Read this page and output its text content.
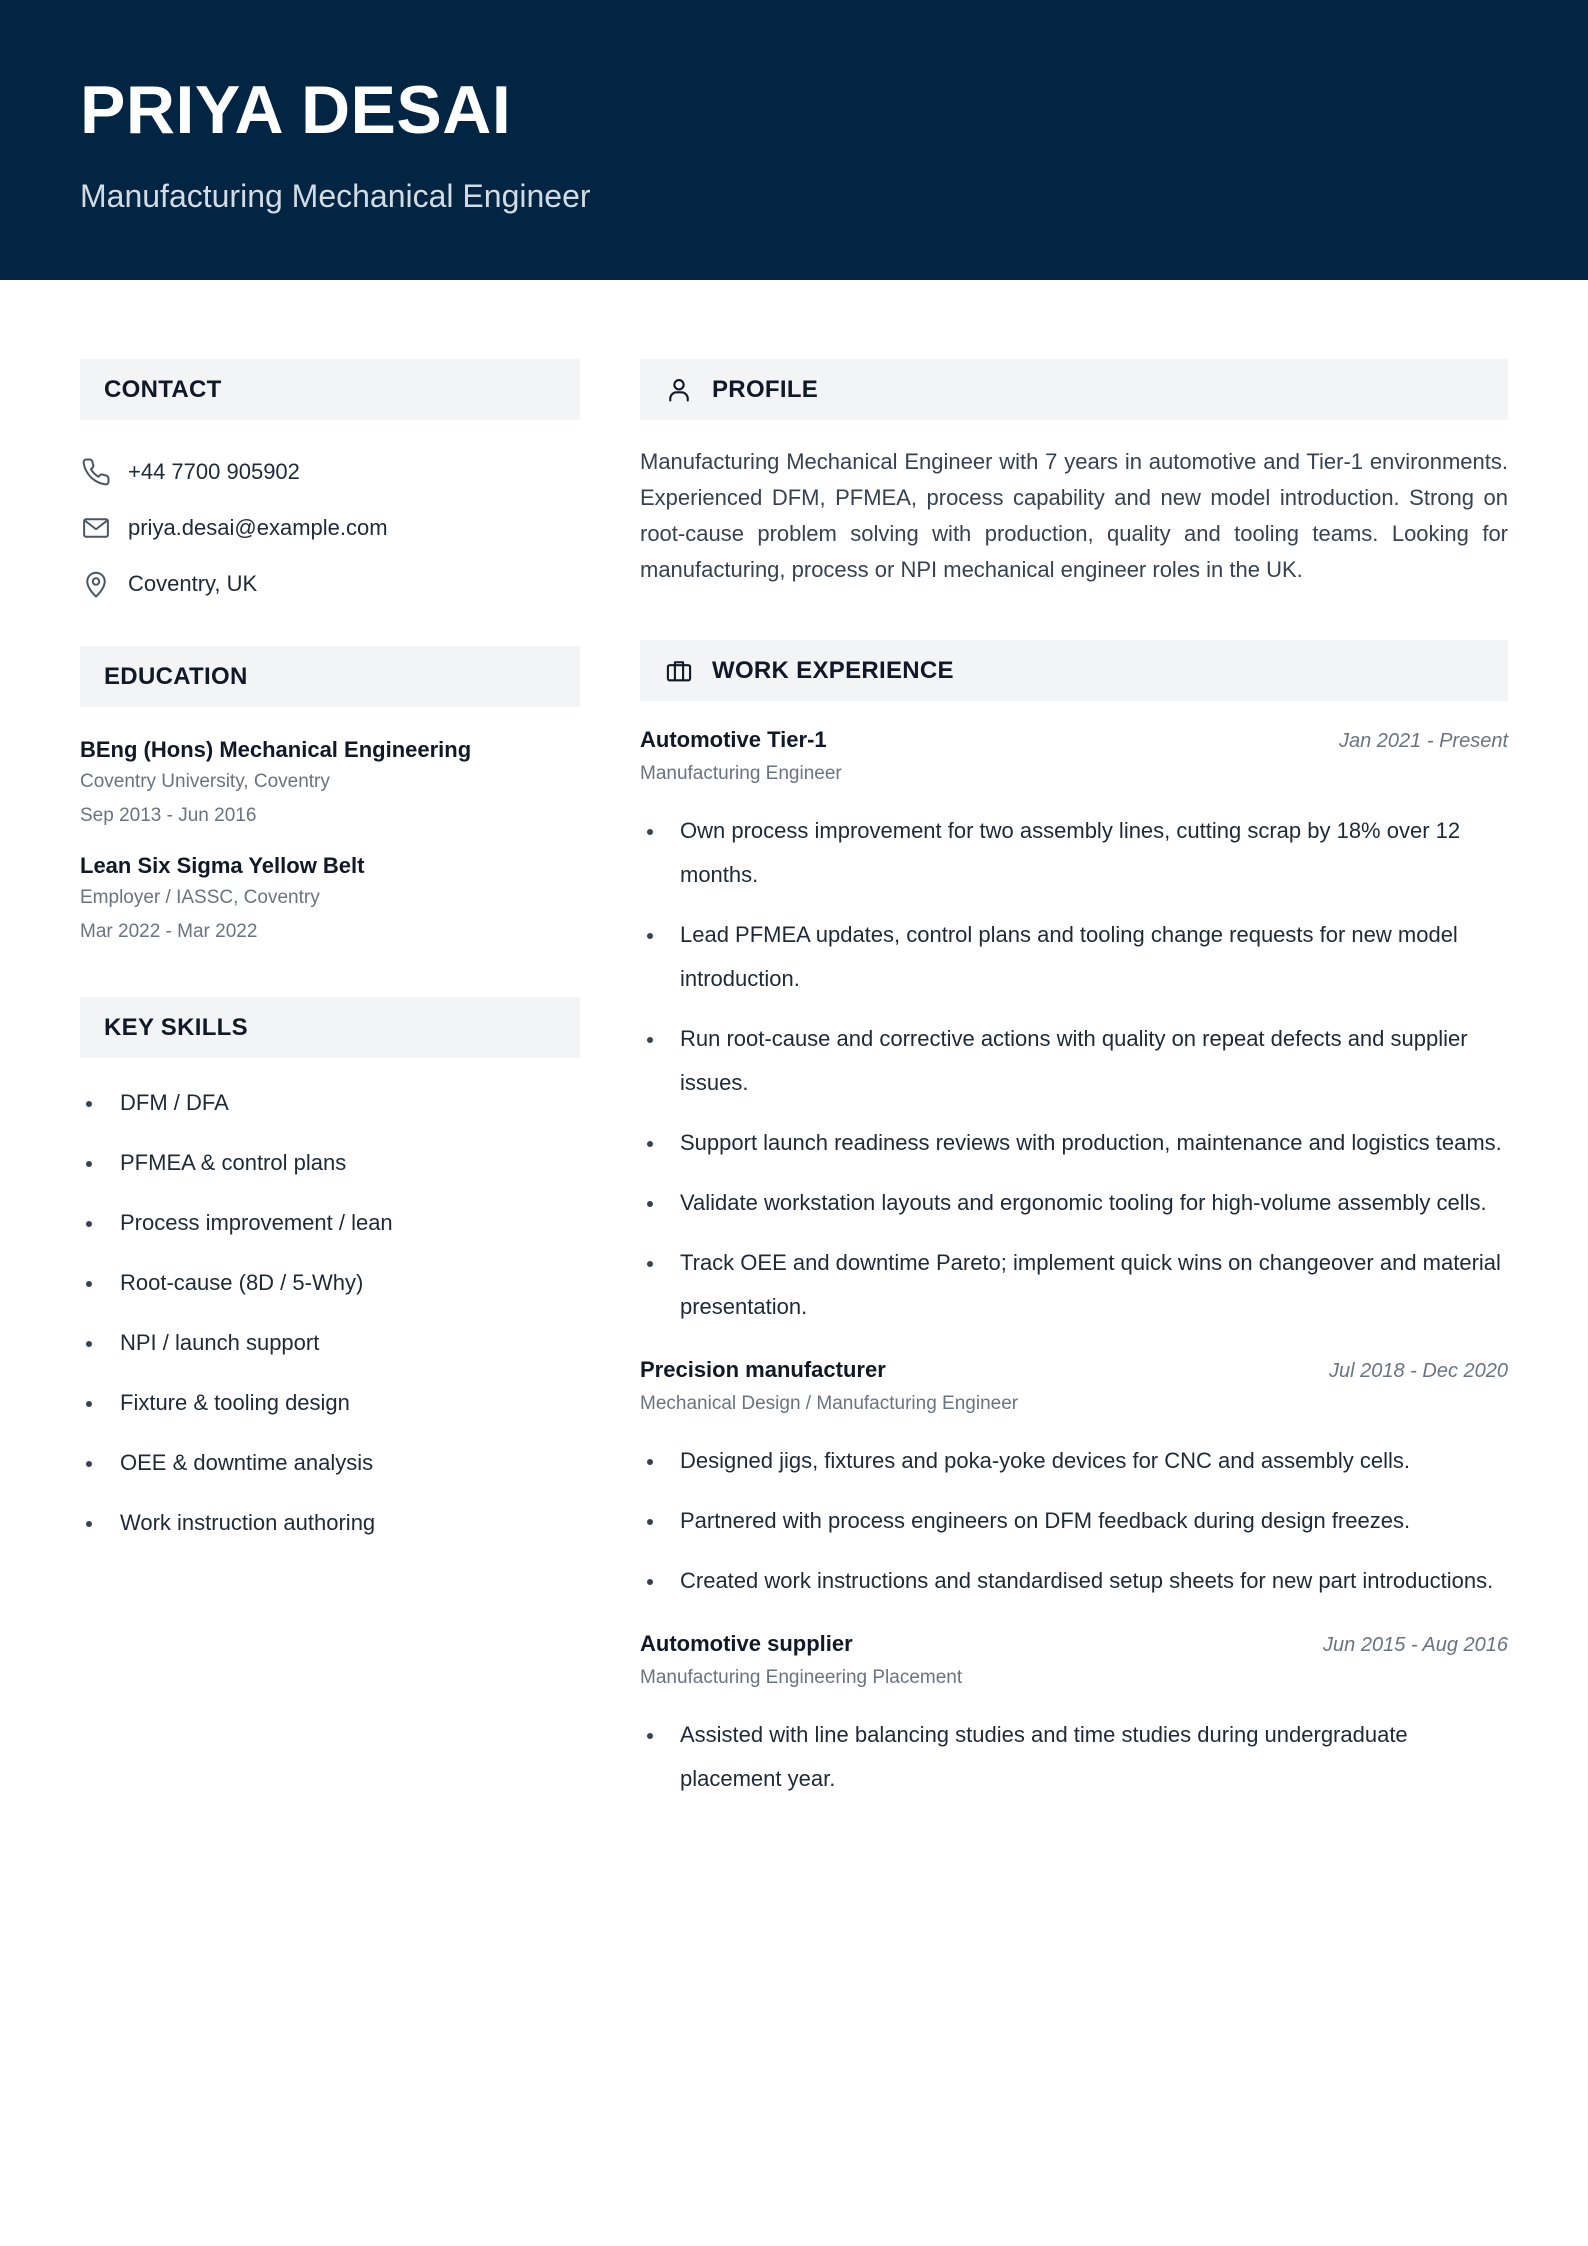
PRIYA DESAI
Manufacturing Mechanical Engineer
CONTACT
+44 7700 905902
priya.desai@example.com
Coventry, UK
EDUCATION
BEng (Hons) Mechanical Engineering
Coventry University, Coventry
Sep 2013 - Jun 2016
Lean Six Sigma Yellow Belt
Employer / IASSC, Coventry
Mar 2022 - Mar 2022
KEY SKILLS
DFM / DFA
PFMEA & control plans
Process improvement / lean
Root-cause (8D / 5-Why)
NPI / launch support
Fixture & tooling design
OEE & downtime analysis
Work instruction authoring
PROFILE

Manufacturing Mechanical Engineer with 7 years in automotive and Tier-1 environments. Experienced DFM, PFMEA, process capability and new model introduction. Strong on root-cause problem solving with production, quality and tooling teams. Looking for manufacturing, process or NPI mechanical engineer roles in the UK.

WORK EXPERIENCE
Automotive Tier-1	Jan 2021 - Present
Manufacturing Engineer
Own process improvement for two assembly lines, cutting scrap by 18% over 12 months.
Lead PFMEA updates, control plans and tooling change requests for new model introduction.
Run root-cause and corrective actions with quality on repeat defects and supplier issues.
Support launch readiness reviews with production, maintenance and logistics teams.
Validate workstation layouts and ergonomic tooling for high-volume assembly cells.
Track OEE and downtime Pareto; implement quick wins on changeover and material presentation.
Precision manufacturer	Jul 2018 - Dec 2020
Mechanical Design / Manufacturing Engineer
Designed jigs, fixtures and poka-yoke devices for CNC and assembly cells.
Partnered with process engineers on DFM feedback during design freezes.
Created work instructions and standardised setup sheets for new part introductions.
Automotive supplier	Jun 2015 - Aug 2016
Manufacturing Engineering Placement
Assisted with line balancing studies and time studies during undergraduate placement year.
